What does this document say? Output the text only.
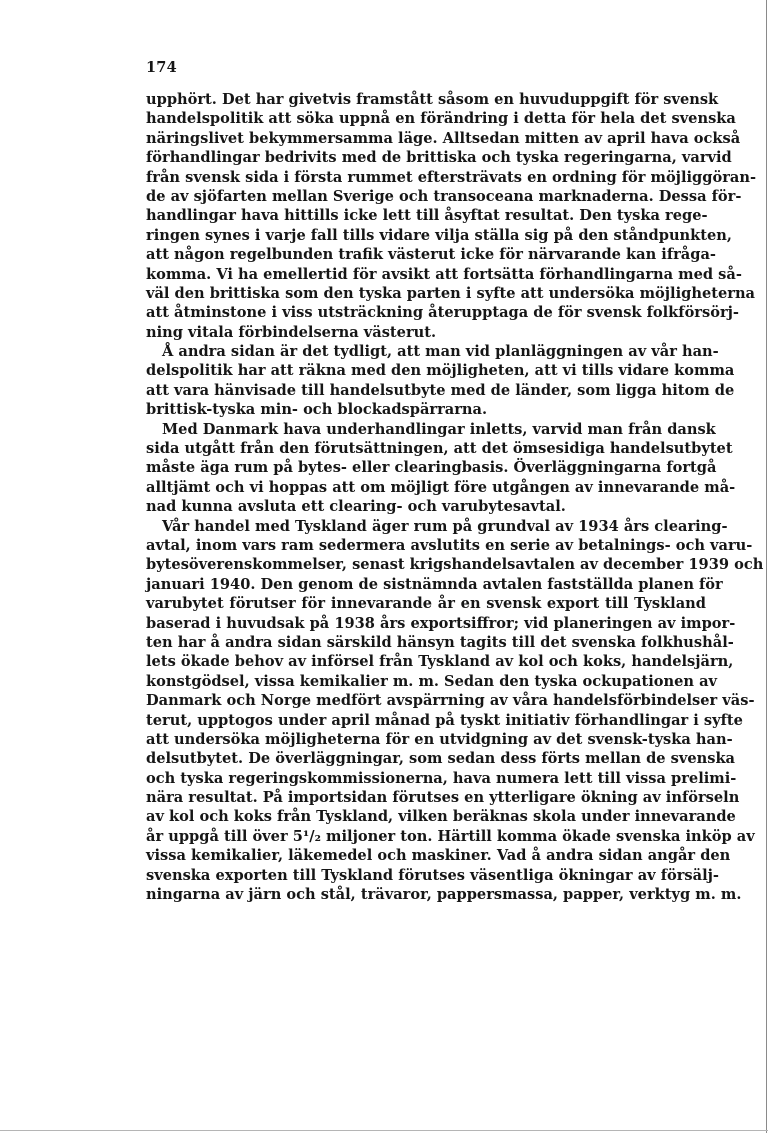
174
upphört. Det har givetvis framstått såsom en huvuduppgift för svensk
handelspolitik att söka uppnå en förändring i detta för hela det svenska
näringslivet bekymmersamma läge. Alltsedan mitten av april hava också
förhandlingar bedrivits med de brittiska och tyska regeringarna, varvid
från svensk sida i första rummet eftersträvats en ordning för möjliggöran-
de av sjöfarten mellan Sverige och transoceana marknaderna. Dessa för-
handlingar hava hittills icke lett till åsyftat resultat. Den tyska rege-
ringen synes i varje fall tills vidare vilja ställa sig på den ståndpunkten,
att någon regelbunden trafik västerut icke för närvarande kan ifråga-
komma. Vi ha emellertid för avsikt att fortsätta förhandlingarna med så-
väl den brittiska som den tyska parten i syfte att undersöka möjligheterna
att åtminstone i viss utsträckning återupptaga de för svensk folkförsörj-
ning vitala förbindelserna västerut.
Å andra sidan är det tydligt, att man vid planläggningen av vår han-
delspolitik har att räkna med den möjligheten, att vi tills vidare komma
att vara hänvisade till handelsutbyte med de länder, som ligga hitom de
brittisk-tyska min- och blockadspärrarna.
Med Danmark hava underhandlingar inletts, varvid man från dansk
sida utgått från den förutsättningen, att det ömsesidiga handelsutbytet
måste äga rum på bytes- eller clearingbasis. Överläggningarna fortgå
alltjämt och vi hoppas att om möjligt före utgången av innevarande må-
nad kunna avsluta ett clearing- och varubytesavtal.
Vår handel med Tyskland äger rum på grundval av 1934 års clearing-
avtal, inom vars ram sedermera avslutits en serie av betalnings- och varu-
bytesöverenskommelser, senast krigshandelsavtalen av december 1939 och
januari 1940. Den genom de sistnämnda avtalen fastställda planen för
varubytet förutser för innevarande år en svensk export till Tyskland
baserad i huvudsak på 1938 års exportsiffror; vid planeringen av impor-
ten har å andra sidan särskild hänsyn tagits till det svenska folkhushål-
lets ökade behov av införsel från Tyskland av kol och koks, handelsjärn,
konstgödsel, vissa kemikalier m. m. Sedan den tyska ockupationen av
Danmark och Norge medfört avspärrning av våra handelsförbindelser väs-
terut, upptogos under april månad på tyskt initiativ förhandlingar i syfte
att undersöka möjligheterna för en utvidgning av det svensk-tyska han-
delsutbytet. De överläggningar, som sedan dess förts mellan de svenska
och tyska regeringskommissionerna, hava numera lett till vissa prelimi-
nära resultat. På importsidan förutses en ytterligare ökning av införseln
av kol och koks från Tyskland, vilken beräknas skola under innevarande
år uppgå till över 5¹/₂ miljoner ton. Härtill komma ökade svenska inköp av
vissa kemikalier, läkemedel och maskiner. Vad å andra sidan angår den
svenska exporten till Tyskland förutses väsentliga ökningar av försälj-
ningarna av järn och stål, trävaror, pappersmassa, papper, verktyg m. m.
